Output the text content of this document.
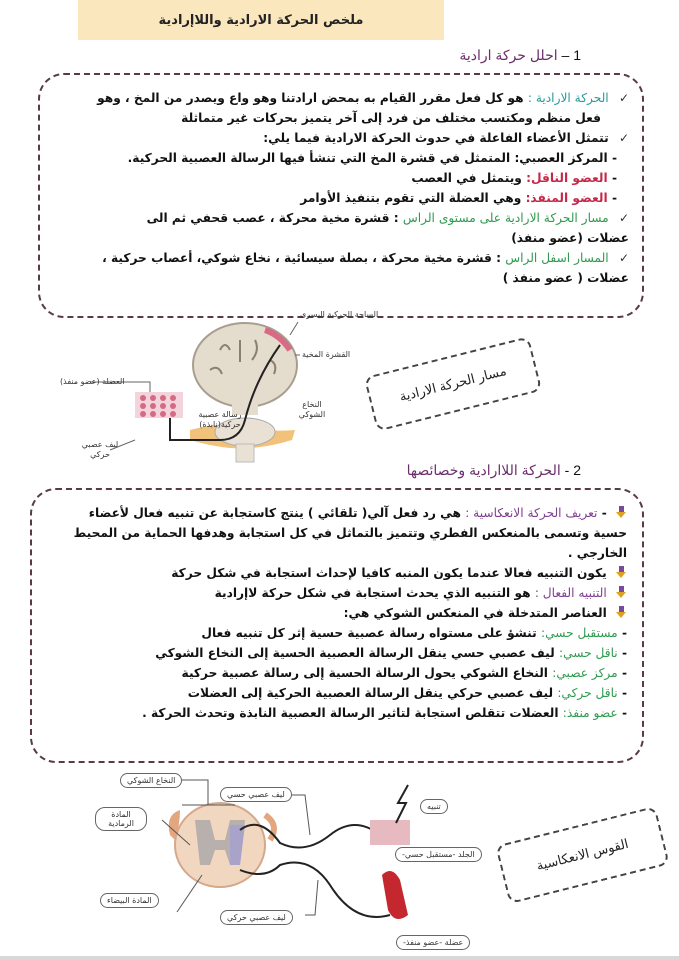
ملخص الحركة الارادية واللاإرادية
1 – احلل حركة ارادية
✓ الحركة الارادية : هو كل فعل مقرر القيام به بمحض ارادتنا وهو واع ويصدر من المخ ، وهو
فعل منظم ومكتسب مختلف من فرد إلى آخر يتميز بحركات غير متماثلة
✓ تتمثل الأعضاء الفاعلة في حدوث الحركة الارادية فيما يلي:
- المركز العصبي: المتمثل في قشرة المخ التي تنشأ فيها الرسالة العصبية الحركية.
- العضو الناقل: ويتمثل في العصب
- العضو المنفذ: وهي العضلة التي تقوم بتنفيذ الأوامر
✓ مسار الحركة الارادية على مستوى الراس : قشرة مخية محركة ، عصب قحفي ثم الى
عضلات (عضو منفذ)
✓ المسار اسفل الراس : قشرة مخية محركة ، بصلة سيسائية ، نخاع شوكي، أعصاب حركية ،
عضلات ( عضو منفذ )
الساحة الحركية اليسرى
القشرة المخية
العضلة (عضو منفذ)
رسالة عصبية حركية(نابذة)
النخاع الشوكي
ليف عصبي حركي
مسار الحركة الارادية
2 - الحركة اللاارادية وخصائصها
- تعريف الحركة الانعكاسية : هي رد فعل آلي( تلقائي ) ينتج كاستجابة عن تنبيه فعال لأعضاء حسية وتسمى بالمنعكس الفطري وتتميز بالتماثل في كل استجابة وهدفها الحماية من المحيط الخارجي .
يكون التنبيه فعالا عندما يكون المنبه كافيا لإحداث استجابة في شكل حركة
التنبيه الفعال : هو التنبيه الذي يحدث استجابة في شكل حركة لاإرادية
العناصر المتدخلة في المنعكس الشوكي هي:
- مستقبل حسي: تنشؤ على مستواه رسالة عصبية حسية إثر كل تنبيه فعال
- ناقل حسي: ليف عصبي حسي ينقل الرسالة العصبية الحسية إلى النخاع الشوكي
- مركز عصبي: النخاع الشوكي يحول الرسالة الحسية إلى رسالة عصبية حركية
- ناقل حركي: ليف عصبي حركي ينقل الرسالة العصبية الحركية إلى العضلات
- عضو منفذ: العضلات تتقلص استجابة لتاثير الرسالة العصبية النابذة وتحدث الحركة .
النخاع الشوكي
ليف عصبي حسي
المادة الرمادية
المادة البيضاء
ليف عصبي حركي
تنبيه
الجلد -مستقبل حسي-
عضلة -عضو منفذ-
القوس الانعكاسية
